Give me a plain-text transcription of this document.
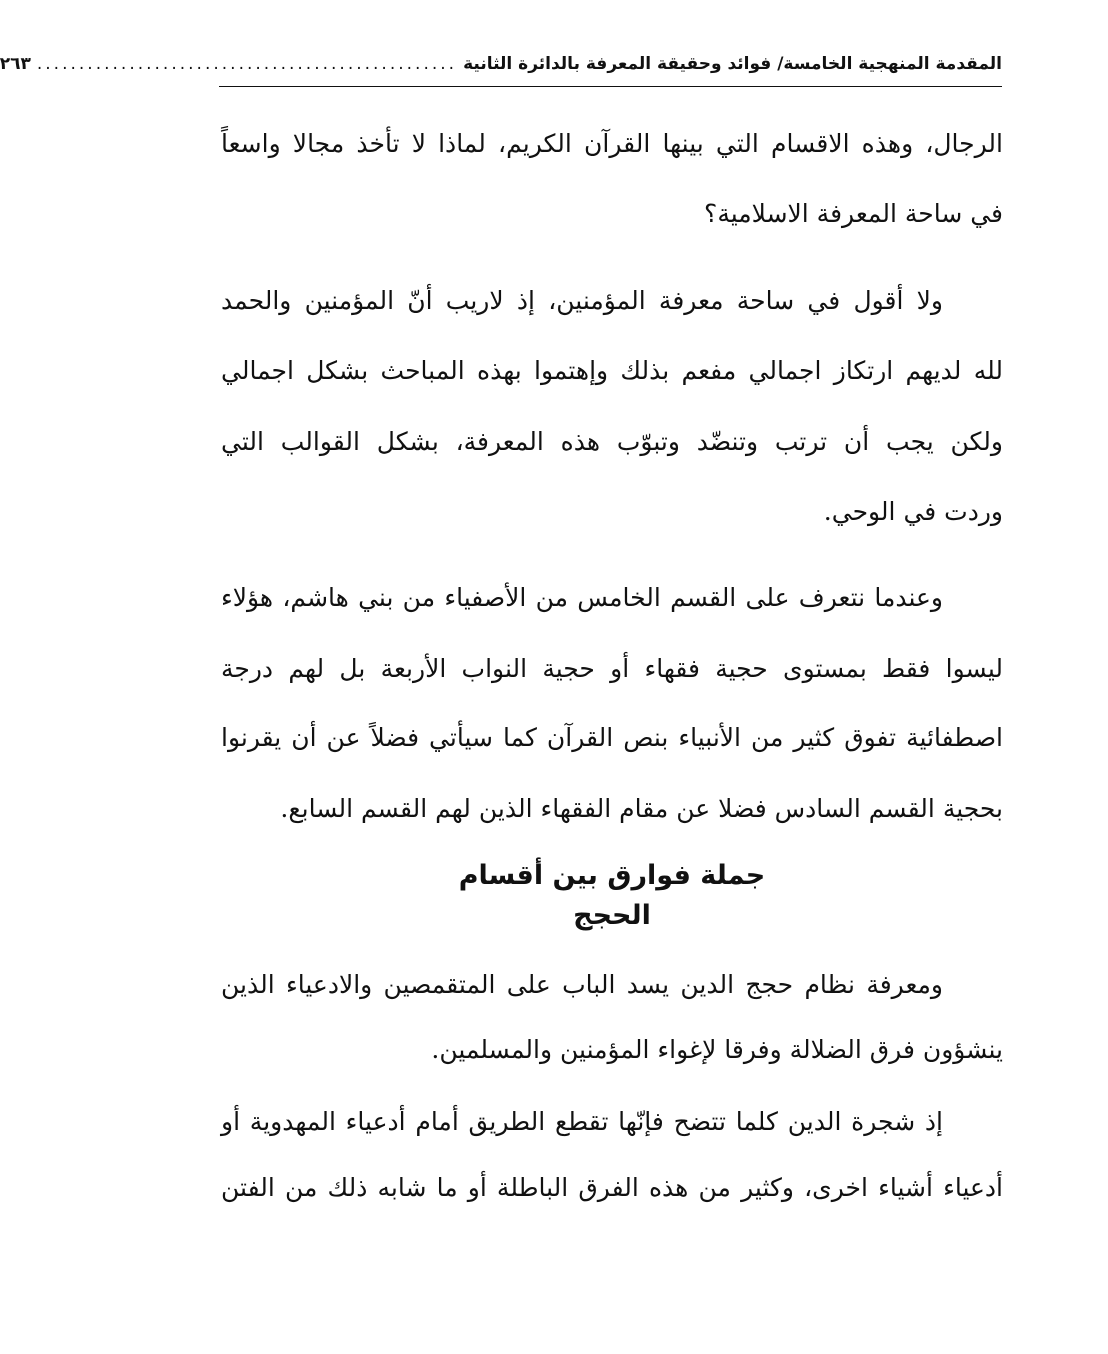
المقدمة المنهجية الخامسة/ فوائد وحقيقة المعرفة بالدائرة الثانية
..................................................
٢٦٣
الرجال، وهذه الاقسام التي بينها القرآن الكريم، لماذا لا تأخذ مجالا واسعاً
في ساحة المعرفة الاسلامية؟
ولا أقول في ساحة معرفة المؤمنين، إذ لاريب أنّ المؤمنين والحمد
لله لديهم ارتكاز اجمالي مفعم بذلك وإهتموا بهذه المباحث بشكل اجمالي
ولكن يجب أن ترتب وتنضّد وتبوّب هذه المعرفة، بشكل القوالب التي
وردت في الوحي.
وعندما نتعرف على القسم الخامس من الأصفياء من بني هاشم، هؤلاء
ليسوا فقط بمستوى حجية فقهاء أو حجية النواب الأربعة بل لهم درجة
اصطفائية تفوق كثير من الأنبياء بنص القرآن كما سيأتي فضلاً عن أن يقرنوا
بحجية القسم السادس فضلا عن مقام الفقهاء الذين لهم القسم السابع.
جملة فوارق بين أقسام
الحجج
ومعرفة نظام حجج الدين يسد الباب على المتقمصين والادعياء الذين
ينشؤون فرق الضلالة وفرقا لإغواء المؤمنين والمسلمين.
إذ شجرة الدين كلما تتضح فإنّها تقطع الطريق أمام أدعياء المهدوية أو
أدعياء أشياء اخرى، وكثير من هذه الفرق الباطلة أو ما شابه ذلك من الفتن
